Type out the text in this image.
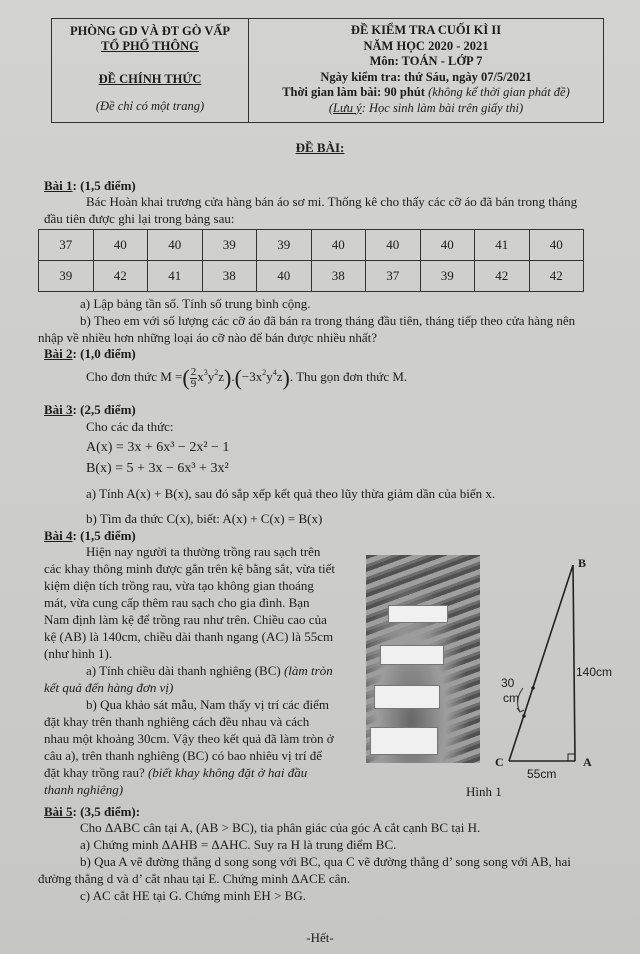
PHÒNG GD VÀ ĐT GÒ VẤP
TỔ PHỔ THÔNG
ĐỀ CHÍNH THỨC
(Đề chỉ có một trang)
ĐỀ KIỂM TRA CUỐI KÌ II
NĂM HỌC 2020 - 2021
Môn: TOÁN - LỚP 7
Ngày kiểm tra: thứ Sáu, ngày 07/5/2021
Thời gian làm bài: 90 phút (không kể thời gian phát đề)
(Lưu ý: Học sinh làm bài trên giấy thi)
ĐỀ BÀI:
Bài 1: (1,5 điểm)
Bác Hoàn khai trương cửa hàng bán áo sơ mi. Thống kê cho thấy các cỡ áo đã bán trong tháng
đầu tiên được ghi lại trong bảng sau:
37	40	40	39	39	40	40	40	41	40
39	42	41	38	40	38	37	39	42	42
a) Lập bảng tần số. Tính số trung bình cộng.
b) Theo em với số lượng các cỡ áo đã bán ra trong tháng đầu tiên, tháng tiếp theo cửa hàng nên
nhập về nhiều hơn những loại áo cỡ nào để bán được nhiều nhất?
Bài 2: (1,0 điểm)
Cho đơn thức M =( $\frac{2}{9} x^3y^2z).(-3x^2y^4z)$. Thu gọn đơn thức M.
Bài 3: (2,5 điểm)
Cho các đa thức:
A(x) = 3x + 6x³ − 2x² − 1
B(x) = 5 + 3x − 6x³ + 3x²
a) Tính A(x) + B(x), sau đó sắp xếp kết quả theo lũy thừa giảm dần của biến x.
b) Tìm đa thức C(x), biết: A(x) + C(x) = B(x)
Bài 4: (1,5 điểm)
Hiện nay người ta thường trồng rau sạch trên
các khay thông minh được gắn trên kệ bằng sắt, vừa tiết
kiệm diện tích trồng rau, vừa tạo không gian thoáng
mát, vừa cung cấp thêm rau sạch cho gia đình. Bạn
Nam định làm kệ để trồng rau như trên. Chiều cao của
kệ (AB) là 140cm, chiều dài thanh ngang (AC) là 55cm
(như hình 1).
a) Tính chiều dài thanh nghiêng (BC) (làm tròn
kết quả đến hàng đơn vị)
b) Qua khảo sát mẫu, Nam thấy vị trí các điểm
đặt khay trên thanh nghiêng cách đều nhau và cách
nhau một khoảng 30cm. Vậy theo kết quả đã làm tròn ở
câu a), trên thanh nghiêng (BC) có bao nhiêu vị trí để
đặt khay trồng rau? (biết khay không đặt ở hai đầu
thanh nghiêng)
B
140cm
30
cm
C	A
55cm
Hình 1
Bài 5: (3,5 điểm):
Cho ΔABC cân tại A, (AB > BC), tia phân giác của góc A cắt cạnh BC tại H.
a) Chứng minh ΔAHB = ΔAHC. Suy ra H là trung điểm BC.
b) Qua A vẽ đường thẳng d song song với BC, qua C vẽ đường thẳng d’ song song với AB, hai
đường thẳng d và d’ cắt nhau tại E. Chứng minh ΔACE cân.
c) AC cắt HE tại G. Chứng minh EH > BG.
-Hết-
